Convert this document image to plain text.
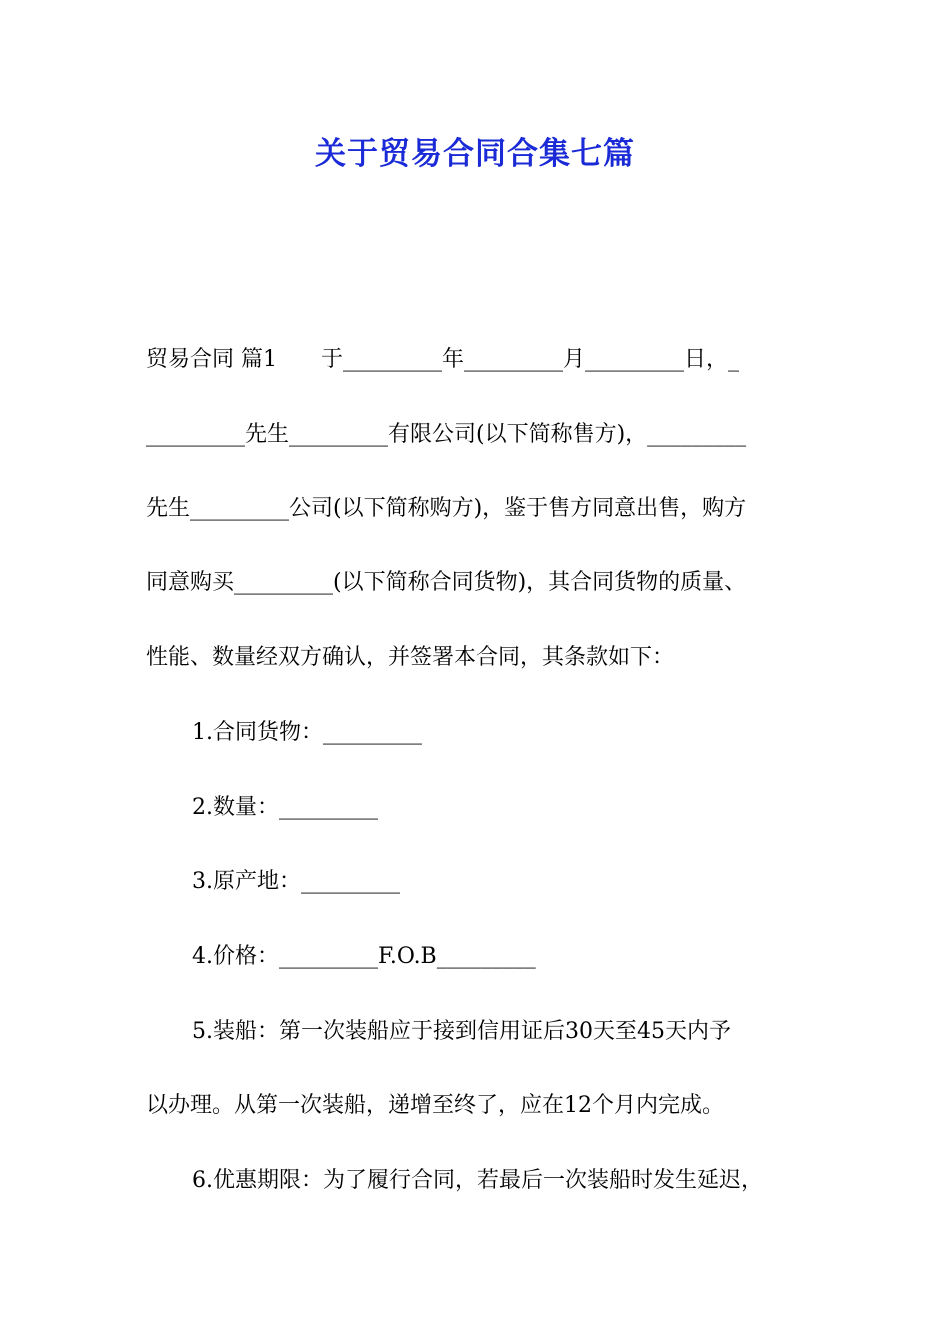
关于贸易合同合集七篇
贸易合同 篇1　　于_________年_________月_________日，_
_________先生_________有限公司(以下简称售方)，_________
先生_________公司(以下简称购方)，鉴于售方同意出售，购方
同意购买_________(以下简称合同货物)，其合同货物的质量、
性能、数量经双方确认，并签署本合同，其条款如下：
1.合同货物：_________
2.数量：_________
3.原产地：_________
4.价格：_________F.O.B_________
5.装船：第一次装船应于接到信用证后30天至45天内予
以办理。从第一次装船，递增至终了，应在12个月内完成。
6.优惠期限：为了履行合同，若最后一次装船时发生延迟，
